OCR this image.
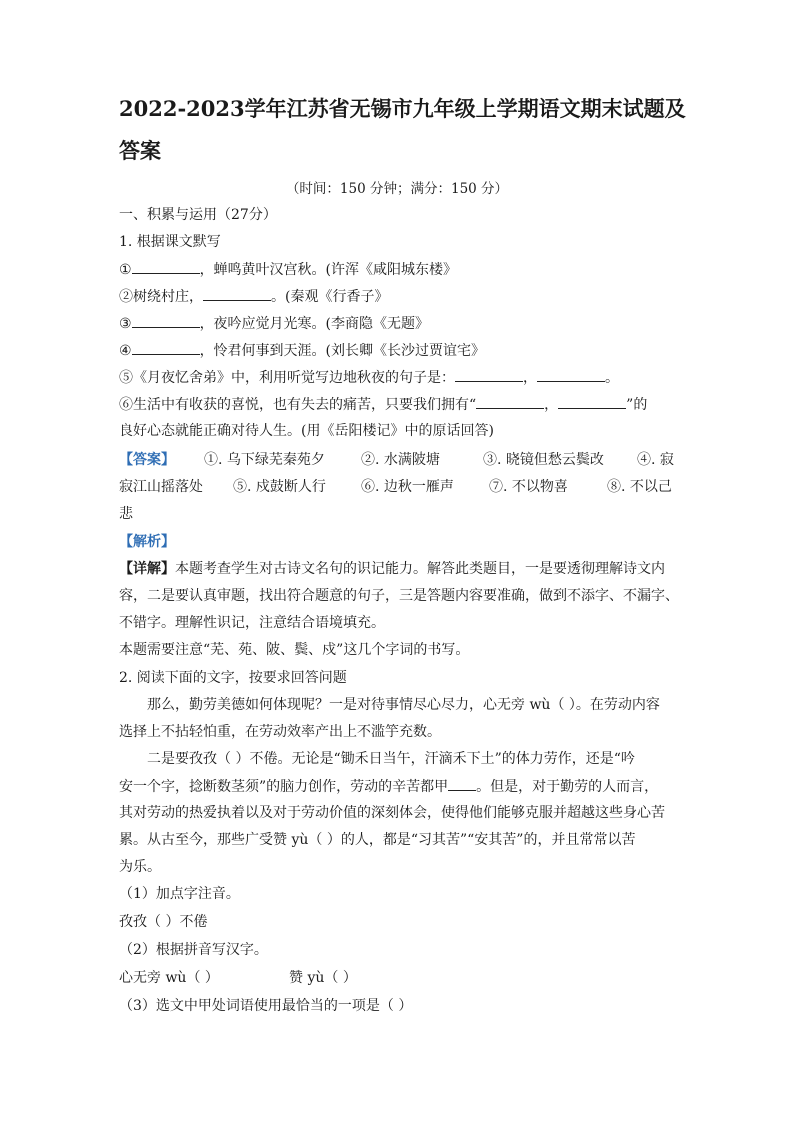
2022-2023学年江苏省无锡市九年级上学期语文期末试题及
答案
（时间：150 分钟；满分：150 分）
一、积累与运用（27分）
1. 根据课文默写
①	，蝉鸣黄叶汉宫秋。(许浑《咸阳城东楼》
②树绕村庄，	。(秦观《行香子》
③	，夜吟应觉月光寒。(李商隐《无题》
④	，怜君何事到天涯。(刘长卿《长沙过贾谊宅》
⑤《月夜忆舍弟》中，利用听觉写边地秋夜的句子是：	，	。
⑥生活中有收获的喜悦，也有失去的痛苦，只要我们拥有“	，	”的
良好心态就能正确对待人生。(用《岳阳楼记》中的原话回答)
【答案】 ①. 乌下绿芜秦苑夕	②. 水满陂塘	③. 晓镜但愁云鬓改 ④. 寂
寂江山摇落处 ⑤. 戍鼓断人行	⑥. 边秋一雁声	⑦. 不以物喜	⑧. 不以己
悲
【解析】
【详解】本题考查学生对古诗文名句的识记能力。解答此类题目，一是要透彻理解诗文内
容，二是要认真审题，找出符合题意的句子，三是答题内容要准确，做到不添字、不漏字、
不错字。理解性识记，注意结合语境填充。
本题需要注意“芜、苑、陂、鬓、戍”这几个字词的书写。
2. 阅读下面的文字，按要求回答问题
那么，勤劳美德如何体现呢？一是对待事情尽心尽力，心无旁 wù（ ）。在劳动内容
选择上不拈轻怕重，在劳动效率产出上不滥竽充数。
二是要孜孜（ ）不倦。无论是“锄禾日当午，汗滴禾下土”的体力劳作，还是“吟
安一个字，捻断数茎须”的脑力创作，劳动的辛苦都甲 。但是，对于勤劳的人而言，
其对劳动的热爱执着以及对于劳动价值的深刻体会，使得他们能够克服并超越这些身心苦
累。从古至今，那些广受赞 yù（ ）的人，都是“习其苦”“安其苦”的，并且常常以苦
为乐。
（1）加点字注音。
孜孜（ ）不倦
（2）根据拼音写汉字。
心无旁 wù（ ）	赞 yù（ ）
（3）选文中甲处词语使用最恰当的一项是（ ）
